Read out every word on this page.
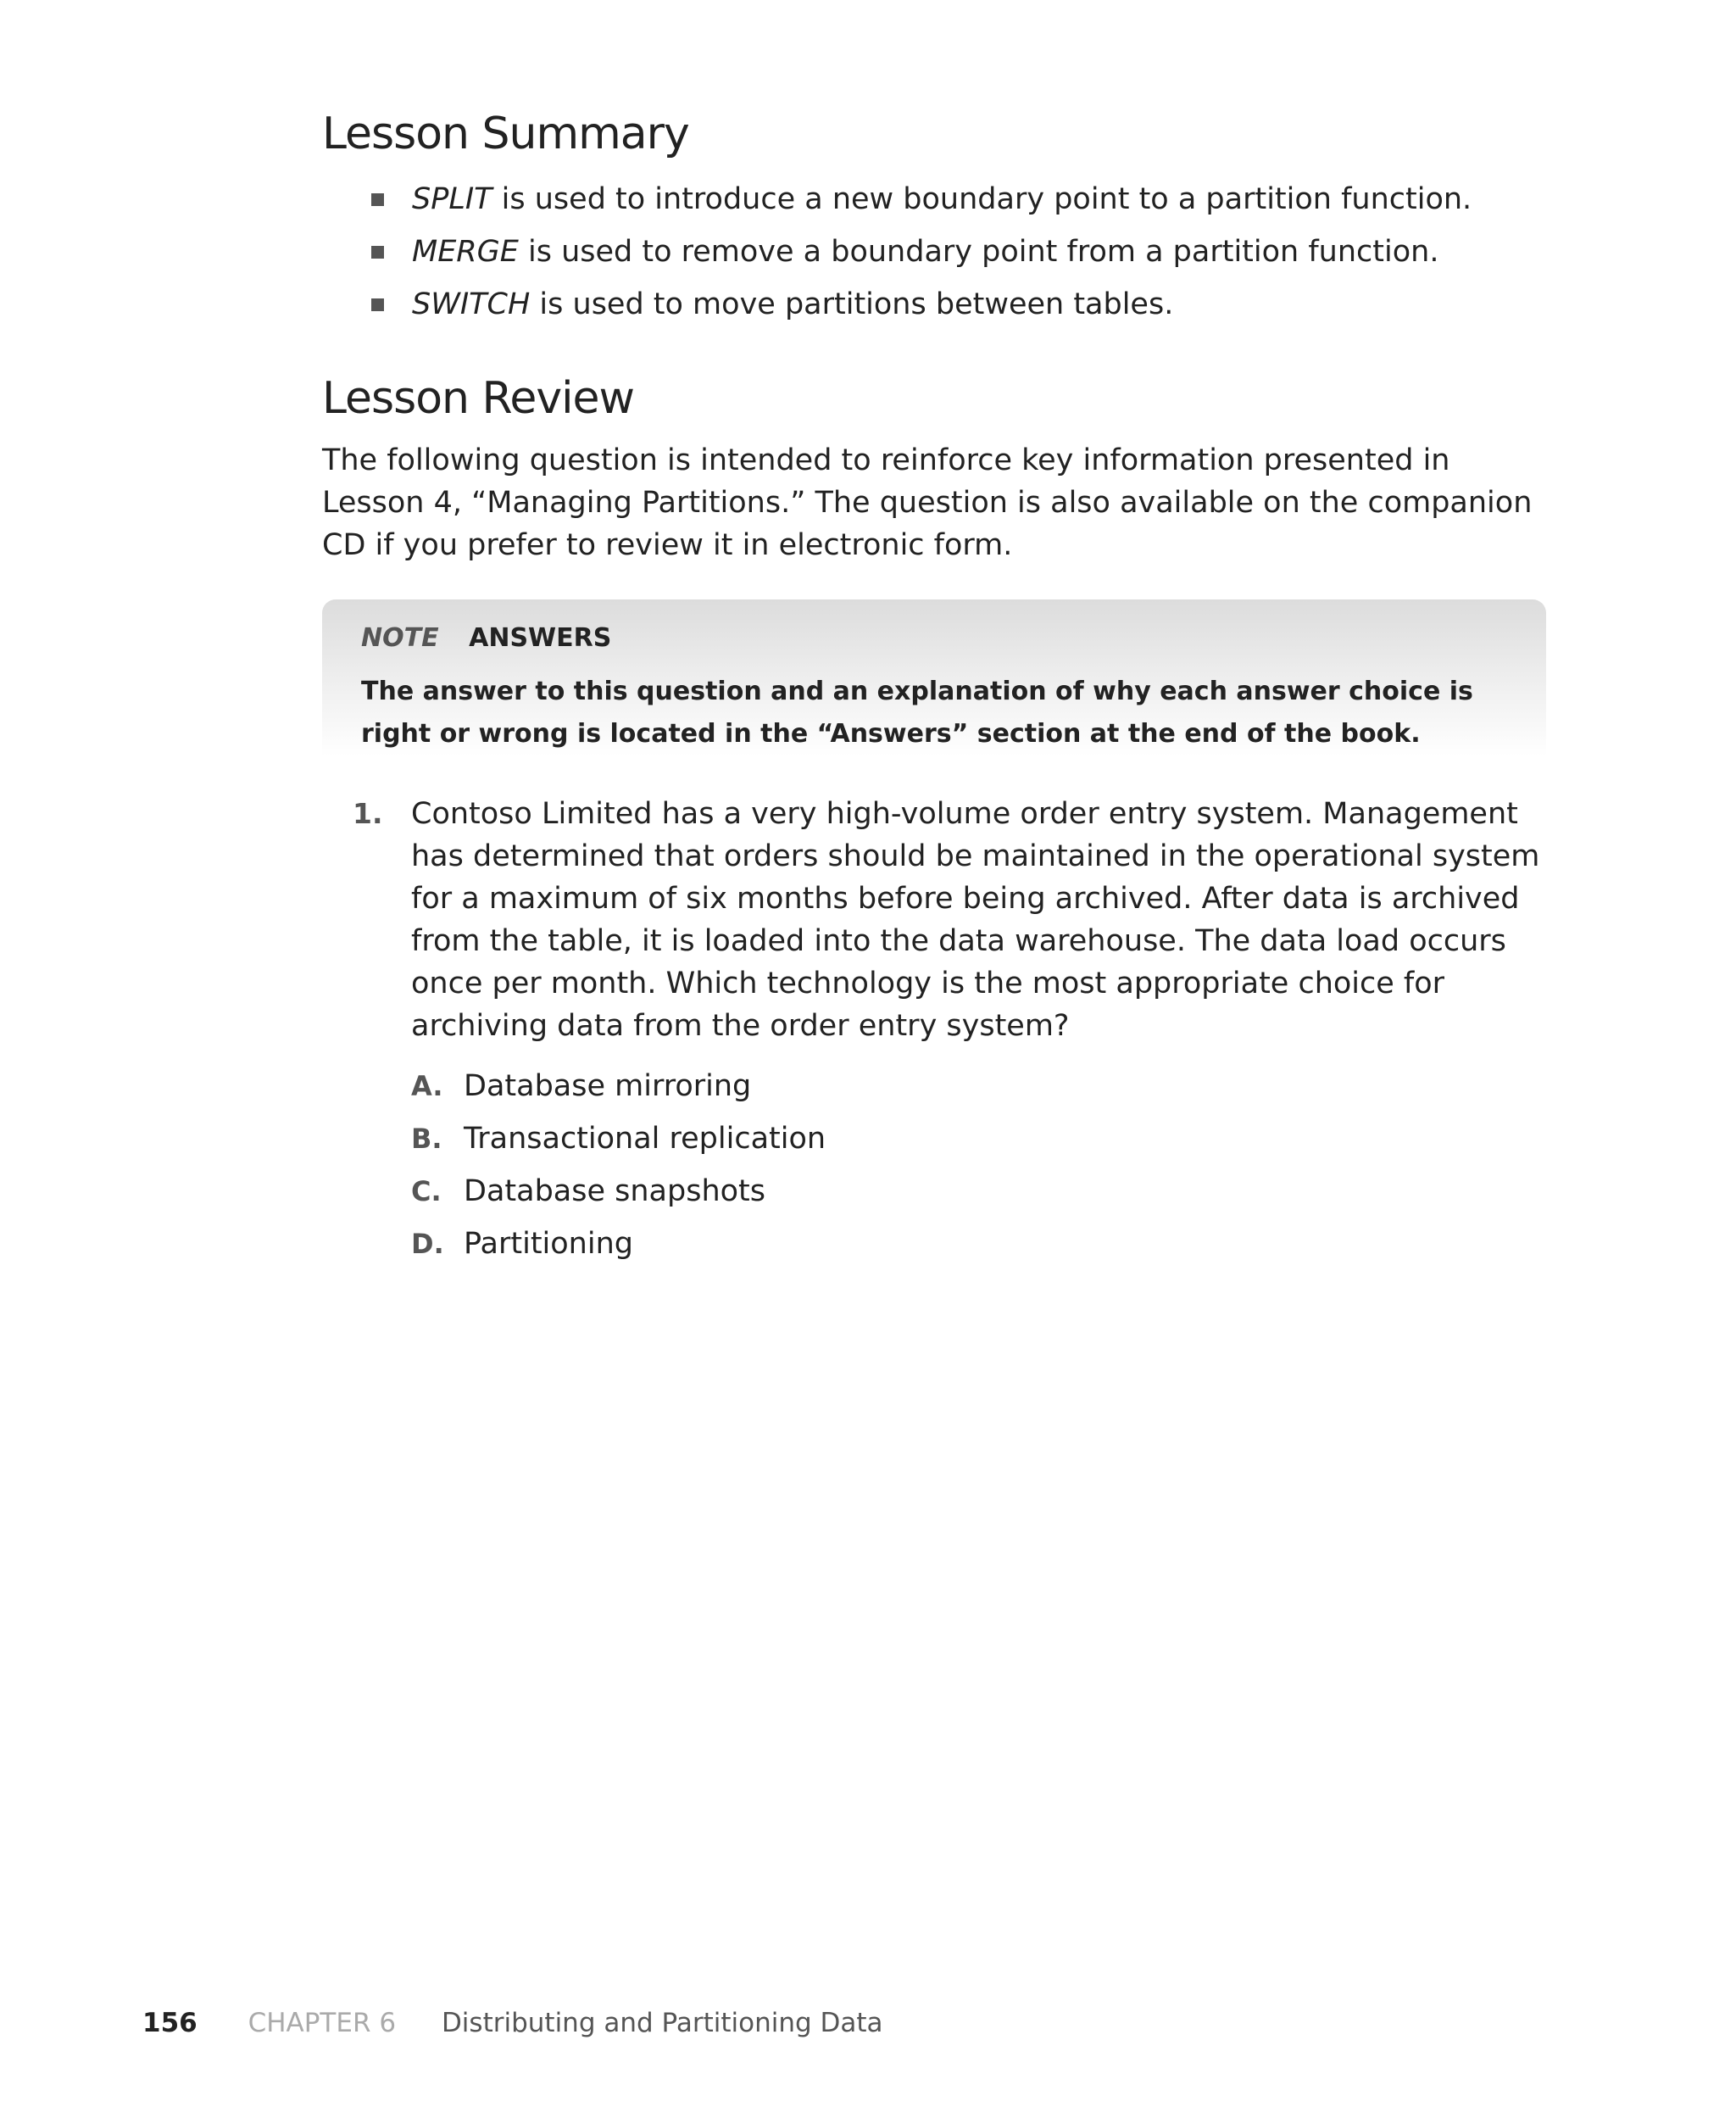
Lesson Summary
SPLIT is used to introduce a new boundary point to a partition function.
MERGE is used to remove a boundary point from a partition function.
SWITCH is used to move partitions between tables.
Lesson Review

The following question is intended to reinforce key information presented in Lesson 4, “Managing Partitions.” The question is also available on the companion CD if you prefer to review it in electronic form.

NOTE ANSWERS

The answer to this question and an explanation of why each answer choice is right or wrong is located in the “Answers” section at the end of the book.

1. Contoso Limited has a very high-volume order entry system. Management has determined that orders should be maintained in the operational system for a maximum of six months before being archived. After data is archived from the table, it is loaded into the data warehouse. The data load occurs once per month. Which technology is the most appropriate choice for archiving data from the order entry system?

A. Database mirroring
B. Transactional replication
C. Database snapshots
D. Partitioning
156 CHAPTER 6 Distributing and Partitioning Data
